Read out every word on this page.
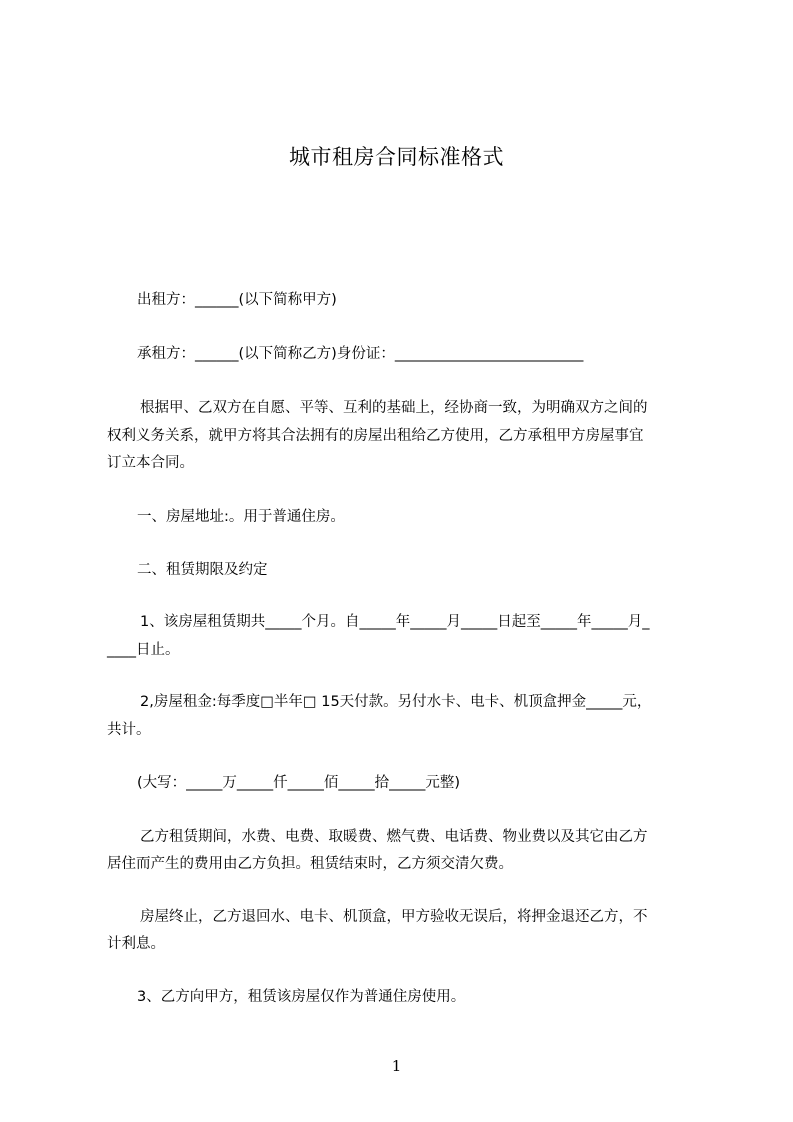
城市租房合同标准格式
出租方：______(以下简称甲方)
承租方：______(以下简称乙方)身份证：__________________________
根据甲、乙双方在自愿、平等、互利的基础上，经协商一致，为明确双方之间的
权利义务关系，就甲方将其合法拥有的房屋出租给乙方使用，乙方承租甲方房屋事宜
订立本合同。
一、房屋地址:。用于普通住房。
二、租赁期限及约定
1、该房屋租赁期共_____个月。自_____年_____月_____日起至_____年_____月_
____日止。
2,房屋租金:每季度□半年□ 15天付款。另付水卡、电卡、机顶盒押金_____元，
共计。
(大写：_____万_____仟_____佰_____拾_____元整)
乙方租赁期间，水费、电费、取暖费、燃气费、电话费、物业费以及其它由乙方
居住而产生的费用由乙方负担。租赁结束时，乙方须交清欠费。
房屋终止，乙方退回水、电卡、机顶盒，甲方验收无误后，将押金退还乙方，不
计利息。
3、乙方向甲方，租赁该房屋仅作为普通住房使用。
1
